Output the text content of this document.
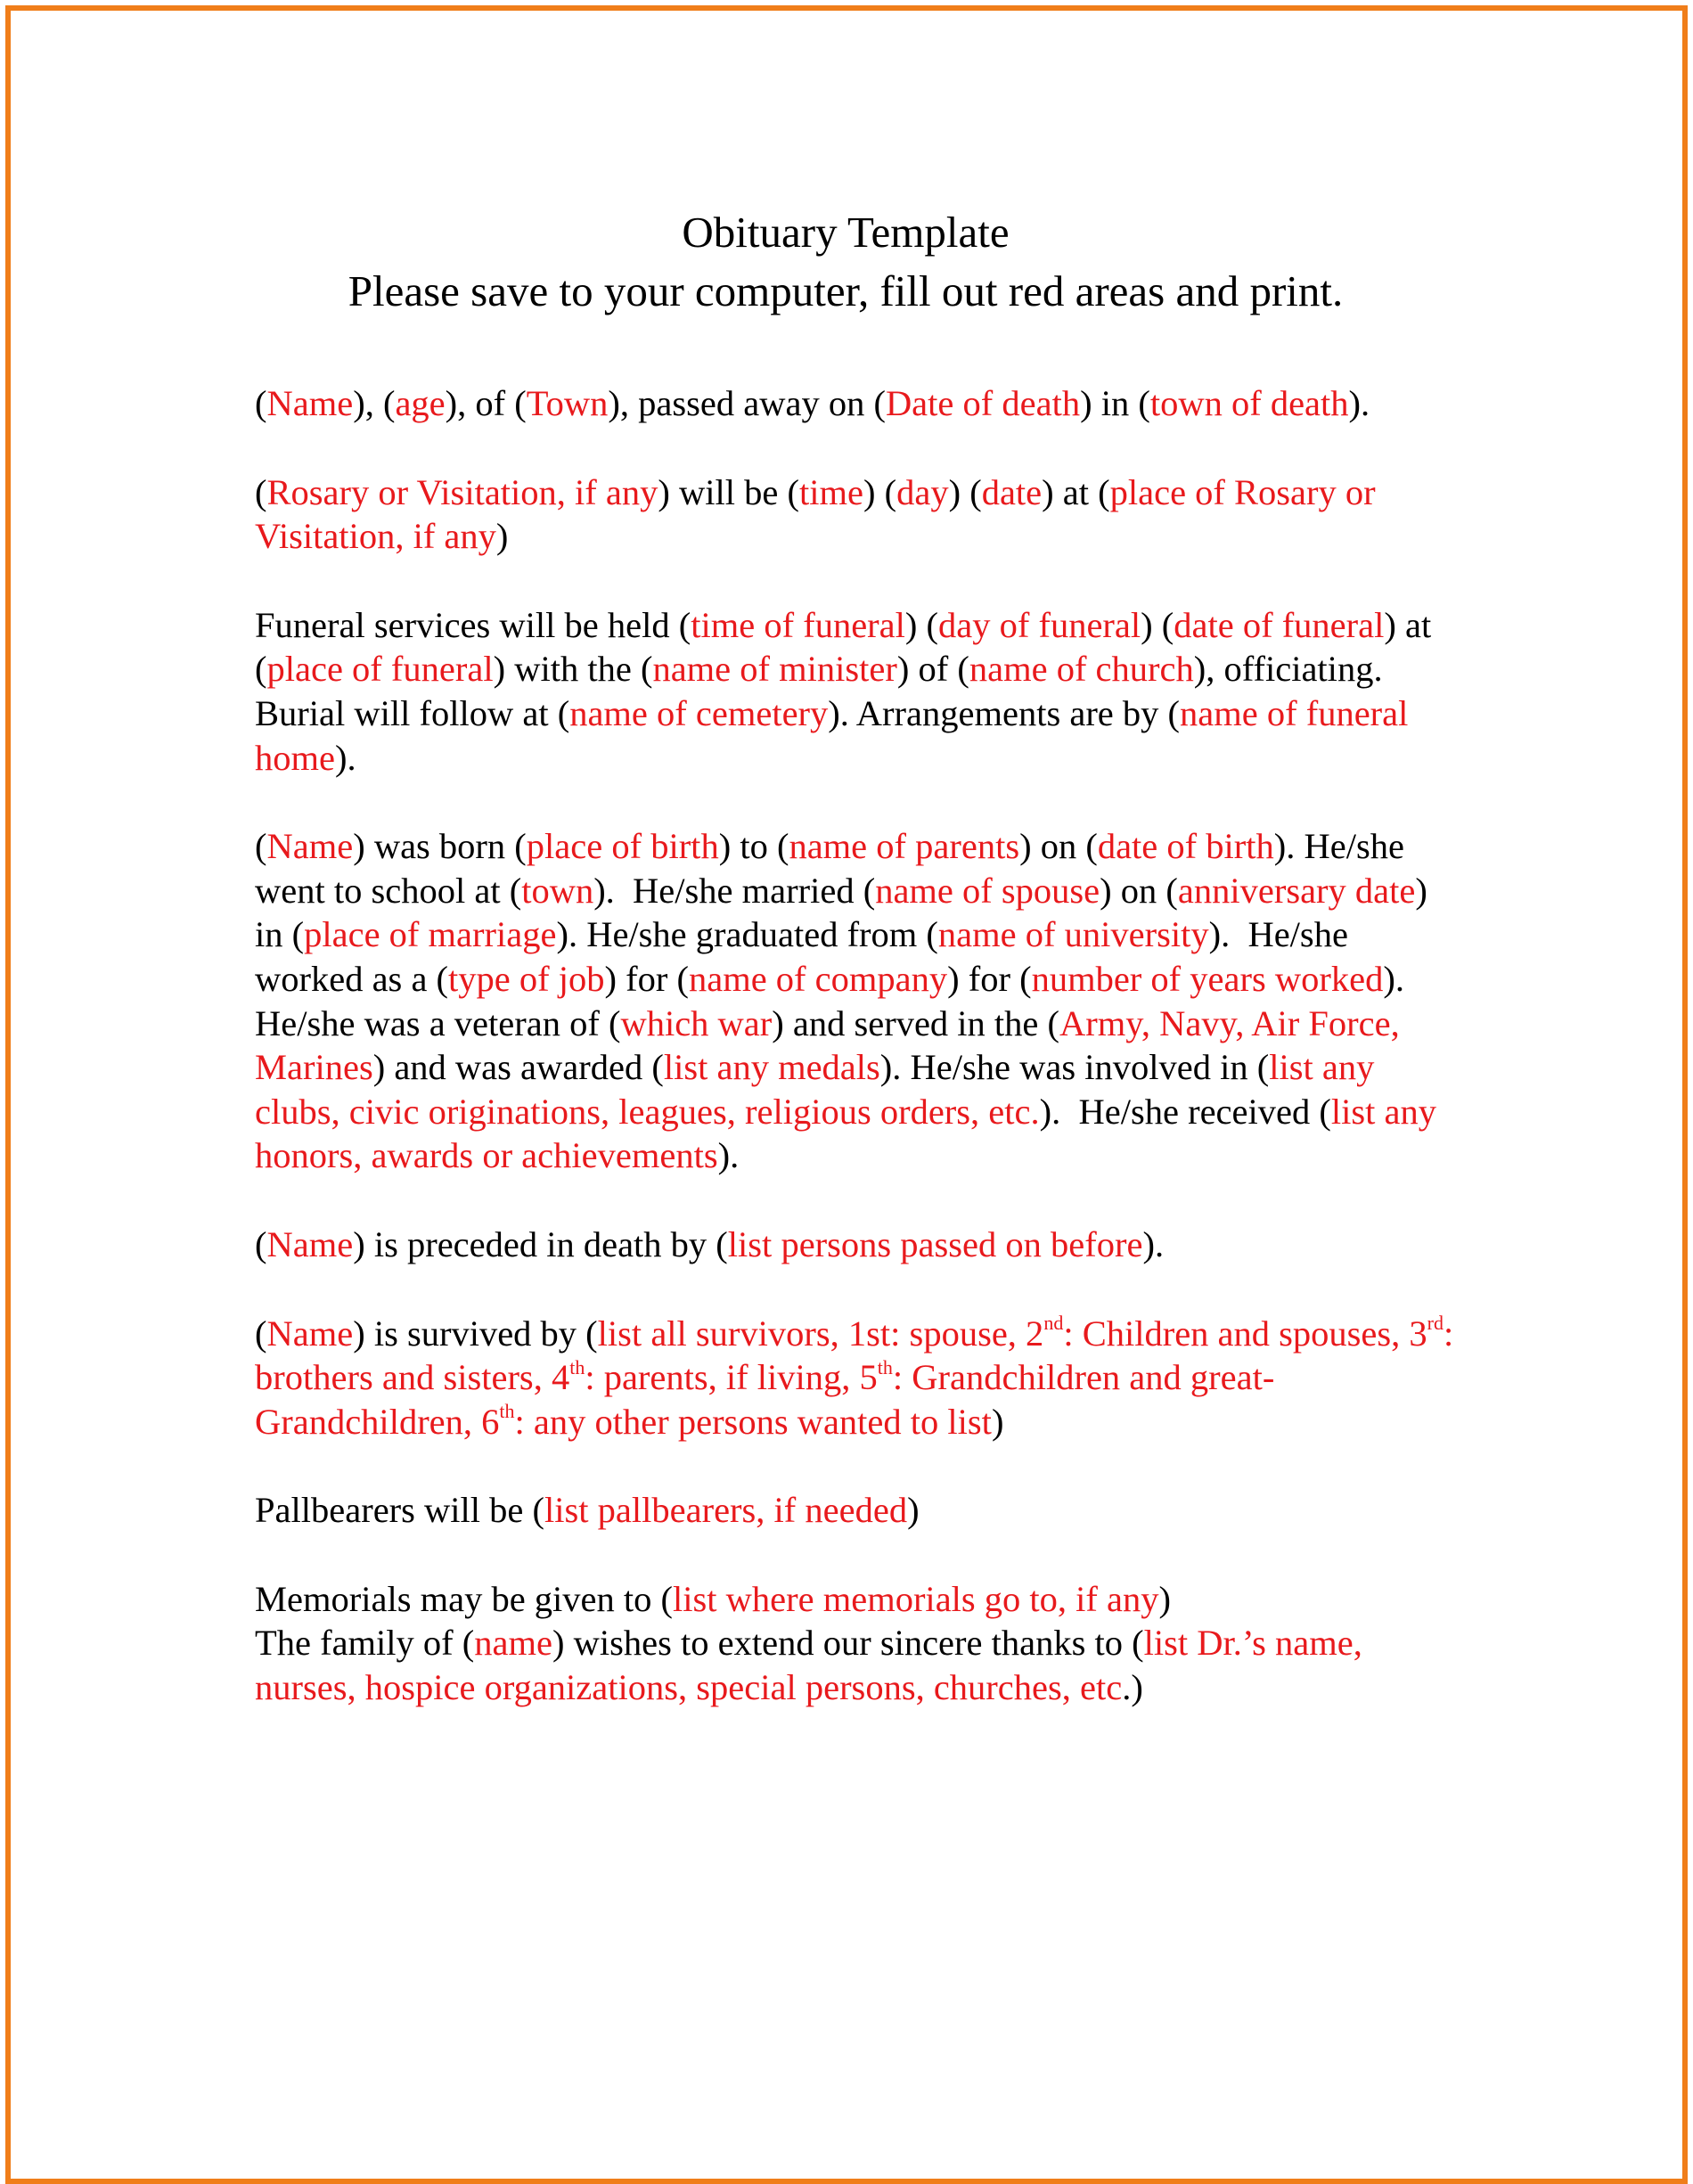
Obituary Template
Please save to your computer, fill out red areas and print.

(Name), (age), of (Town), passed away on (Date of death) in (town of death).

(Rosary or Visitation, if any) will be (time) (day) (date) at (place of Rosary or Visitation, if any)

Funeral services will be held (time of funeral) (day of funeral) (date of funeral) at (place of funeral) with the (name of minister) of (name of church), officiating.   Burial will follow at (name of cemetery). Arrangements are by (name of funeral home).

(Name) was born (place of birth) to (name of parents) on (date of birth). He/she went to school at (town).  He/she married (name of spouse) on (anniversary date) in (place of marriage). He/she graduated from (name of university).  He/she worked as a (type of job) for (name of company) for (number of years worked).  He/she was a veteran of (which war) and served in the (Army, Navy, Air Force, Marines) and was awarded (list any medals). He/she was involved in (list any clubs, civic originations, leagues, religious orders, etc.).  He/she received (list any honors, awards or achievements).

(Name) is preceded in death by (list persons passed on before).

(Name) is survived by (list all survivors, 1st: spouse, 2nd: Children and spouses, 3rd: brothers and sisters, 4th: parents, if living, 5th: Grandchildren and great-Grandchildren, 6th: any other persons wanted to list)

Pallbearers will be (list pallbearers, if needed)

Memorials may be given to (list where memorials go to, if any)
The family of (name) wishes to extend our sincere thanks to (list Dr.’s name, nurses, hospice organizations, special persons, churches, etc.)
